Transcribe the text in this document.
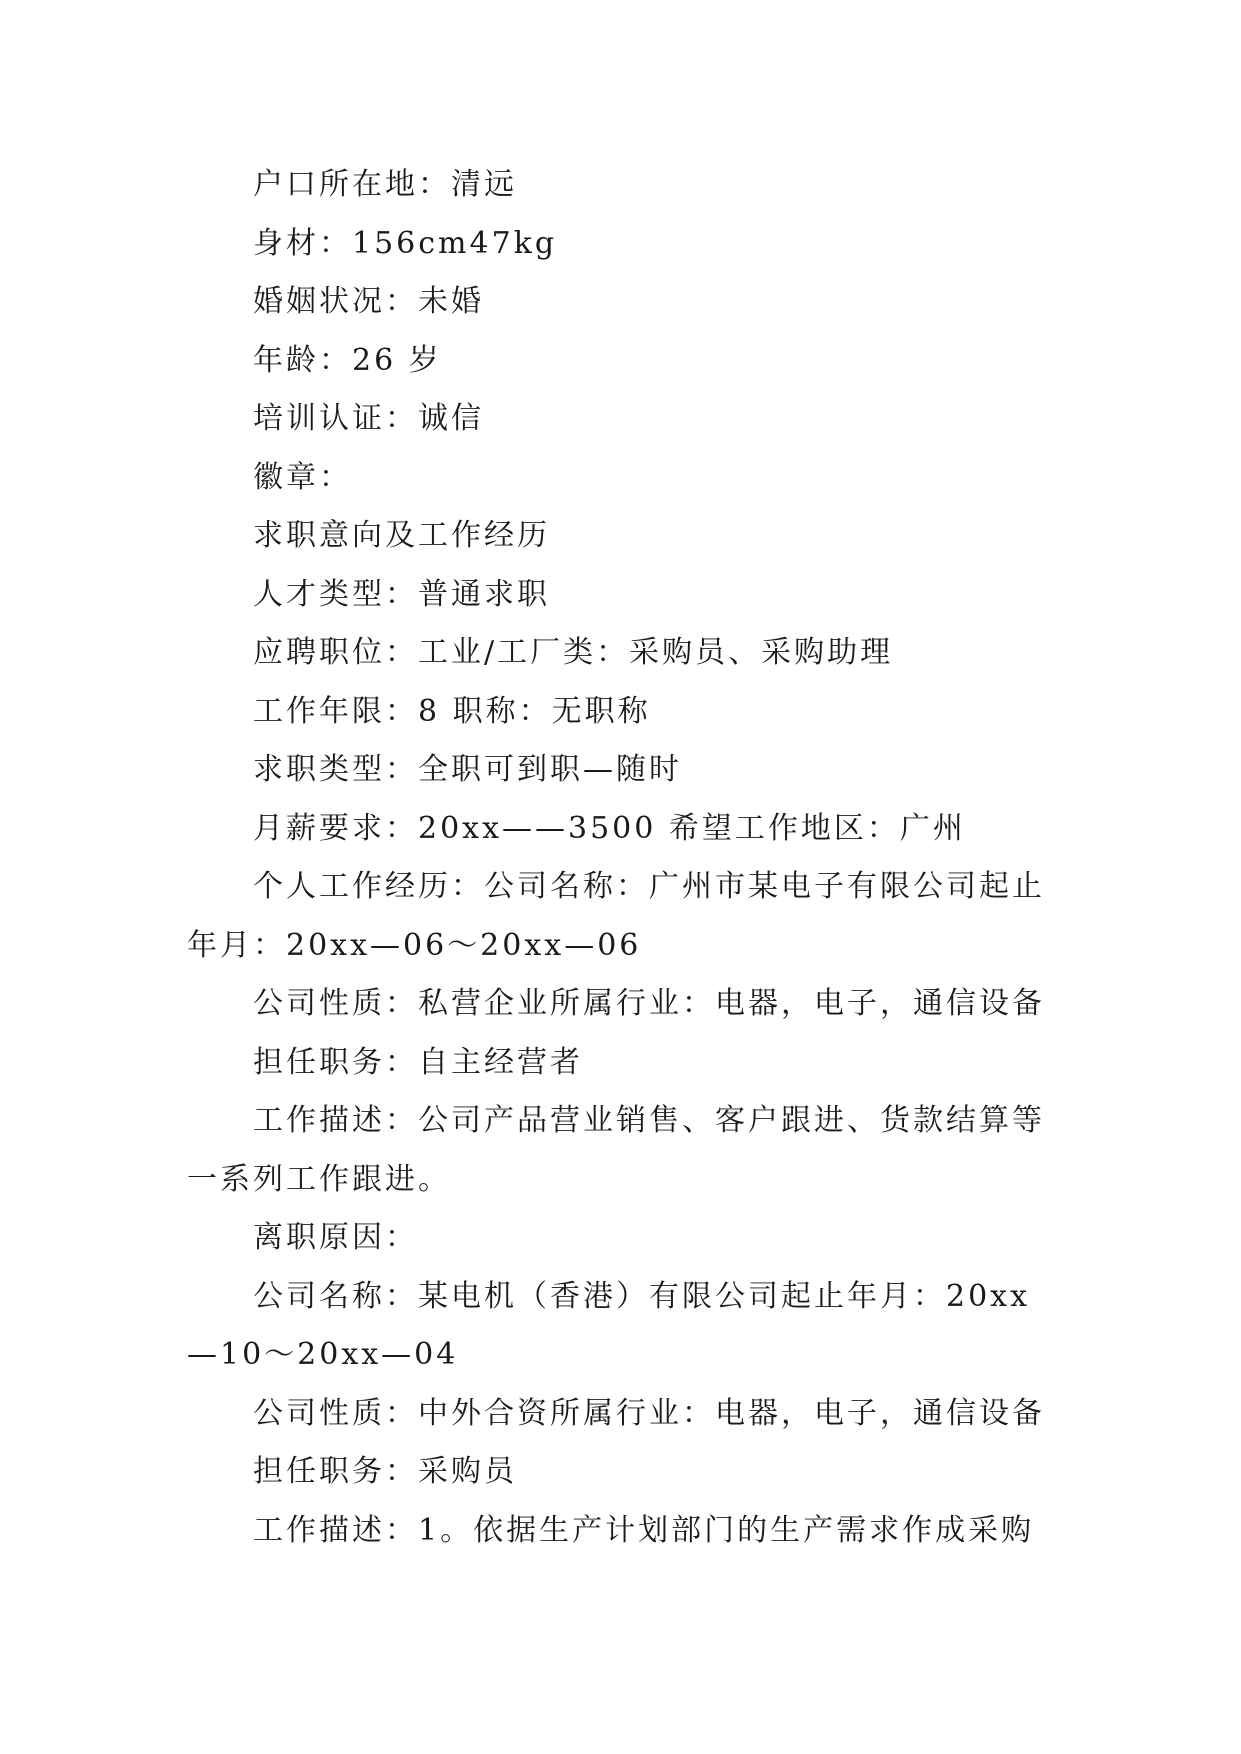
户口所在地：清远

身材：156cm47kg

婚姻状况：未婚

年龄：26 岁

培训认证：诚信

徽章：

求职意向及工作经历

人才类型：普通求职

应聘职位：工业/工厂类：采购员、采购助理

工作年限：8 职称：无职称

求职类型：全职可到职—随时

月薪要求：20xx——3500 希望工作地区：广州

个人工作经历：公司名称：广州市某电子有限公司起止年月：20xx—06～20xx—06

公司性质：私营企业所属行业：电器，电子，通信设备

担任职务：自主经营者

工作描述：公司产品营业销售、客户跟进、货款结算等一系列工作跟进。

离职原因：

公司名称：某电机（香港）有限公司起止年月：20xx—10～20xx—04

公司性质：中外合资所属行业：电器，电子，通信设备

担任职务：采购员

工作描述：1。依据生产计划部门的生产需求作成采购
